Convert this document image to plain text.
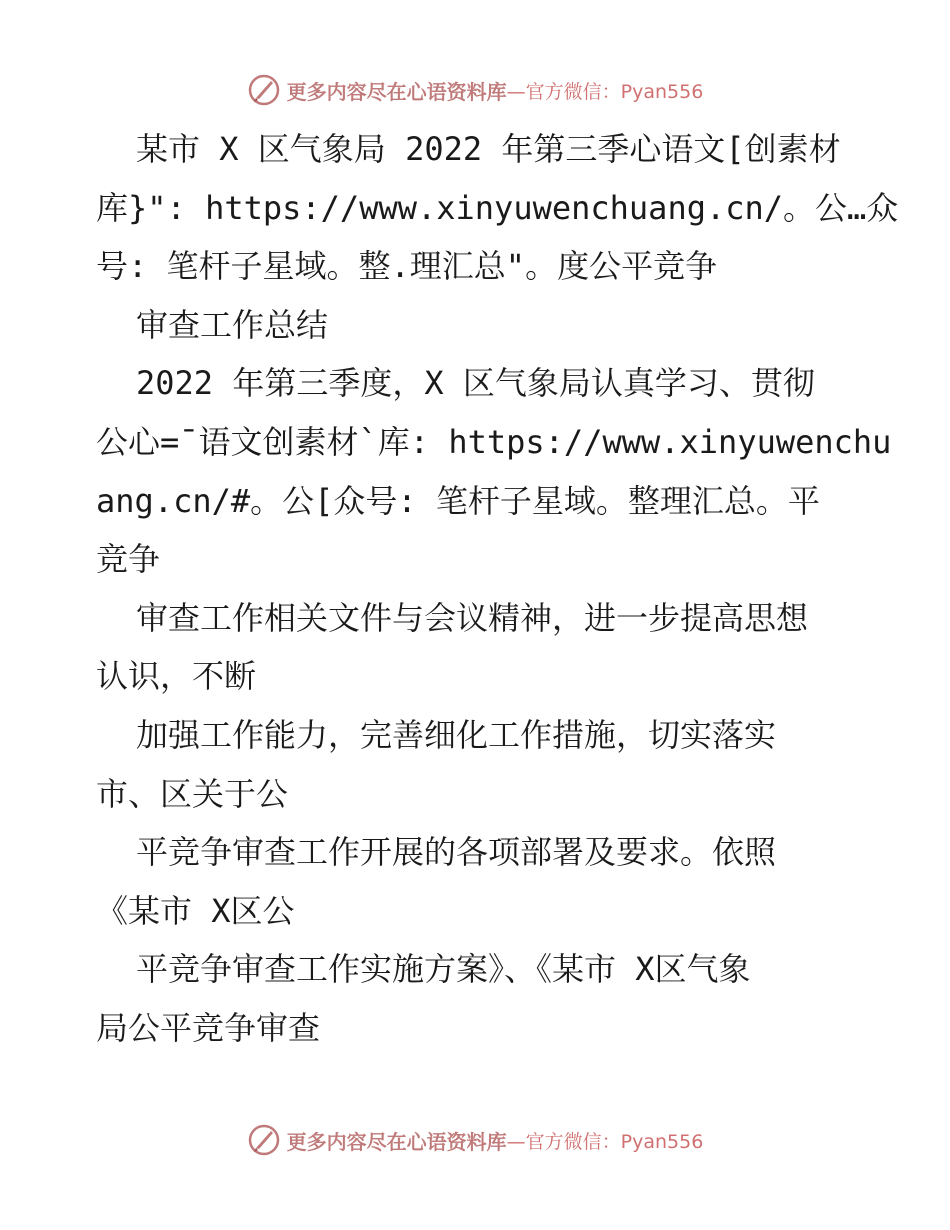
更多内容尽在心语资料库 —官方微信：Pyan556
某市 X 区气象局 2022 年第三季心语文[创素材
库}": https://www.xinyuwenchuang.cn/。公…众
号: 笔杆子星域。整.理汇总"。度公平竞争
审查工作总结
2022 年第三季度，X 区气象局认真学习、贯彻
公心=¯语文创素材`库: https://www.xinyuwenchu
ang.cn/#。公[众号: 笔杆子星域。整理汇总。平
竞争
审查工作相关文件与会议精神，进一步提高思想
认识，不断
加强工作能力，完善细化工作措施，切实落实
市、区关于公
平竞争审查工作开展的各项部署及要求。依照
《某市 X区公
平竞争审查工作实施方案》、《某市 X区气象
局公平竞争审查
更多内容尽在心语资料库 —官方微信：Pyan556
